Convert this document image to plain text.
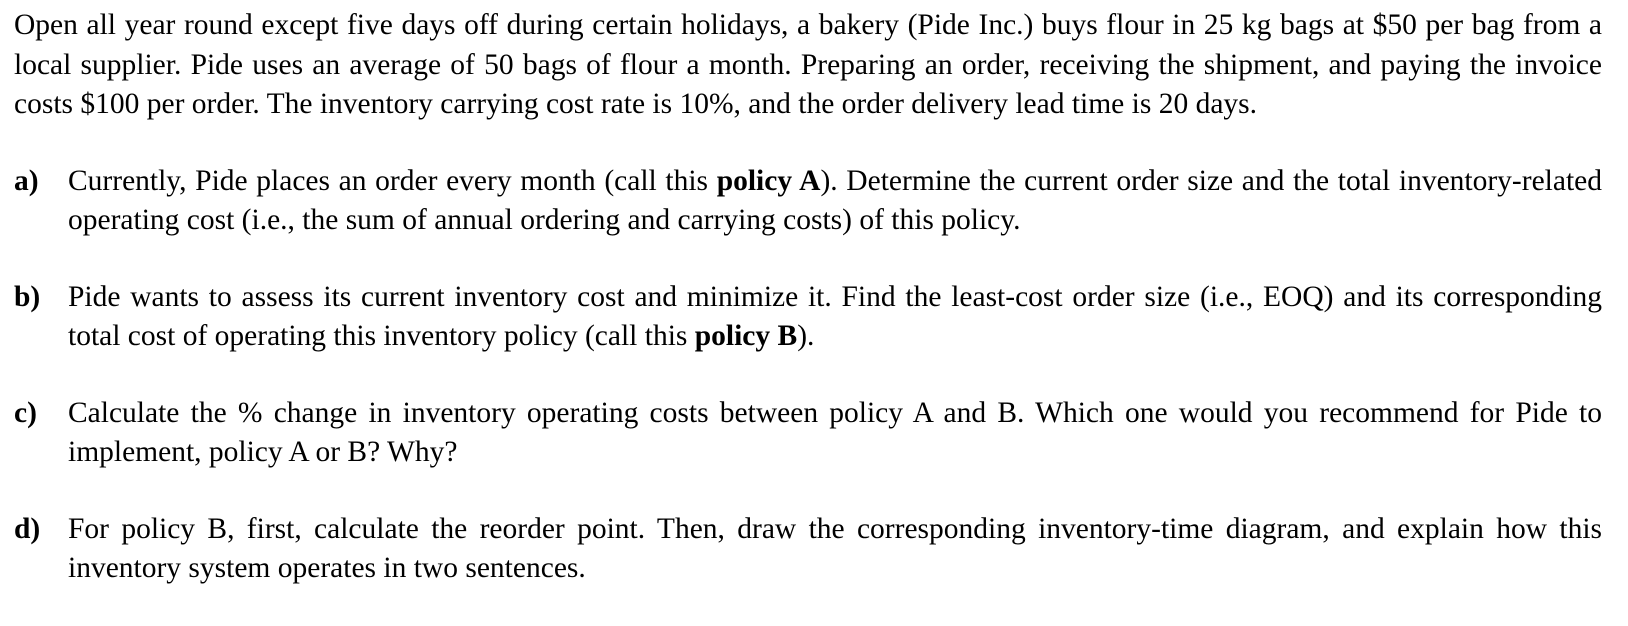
Open all year round except five days off during certain holidays, a bakery (Pide Inc.) buys flour in 25 kg bags at $50 per bag from a local supplier. Pide uses an average of 50 bags of flour a month. Preparing an order, receiving the shipment, and paying the invoice costs $100 per order. The inventory carrying cost rate is 10%, and the order delivery lead time is 20 days.
a) Currently, Pide places an order every month (call this policy A). Determine the current order size and the total inventory-related operating cost (i.e., the sum of annual ordering and carrying costs) of this policy.
b) Pide wants to assess its current inventory cost and minimize it. Find the least-cost order size (i.e., EOQ) and its corresponding total cost of operating this inventory policy (call this policy B).
c) Calculate the % change in inventory operating costs between policy A and B. Which one would you recommend for Pide to implement, policy A or B? Why?
d) For policy B, first, calculate the reorder point. Then, draw the corresponding inventory-time diagram, and explain how this inventory system operates in two sentences.
